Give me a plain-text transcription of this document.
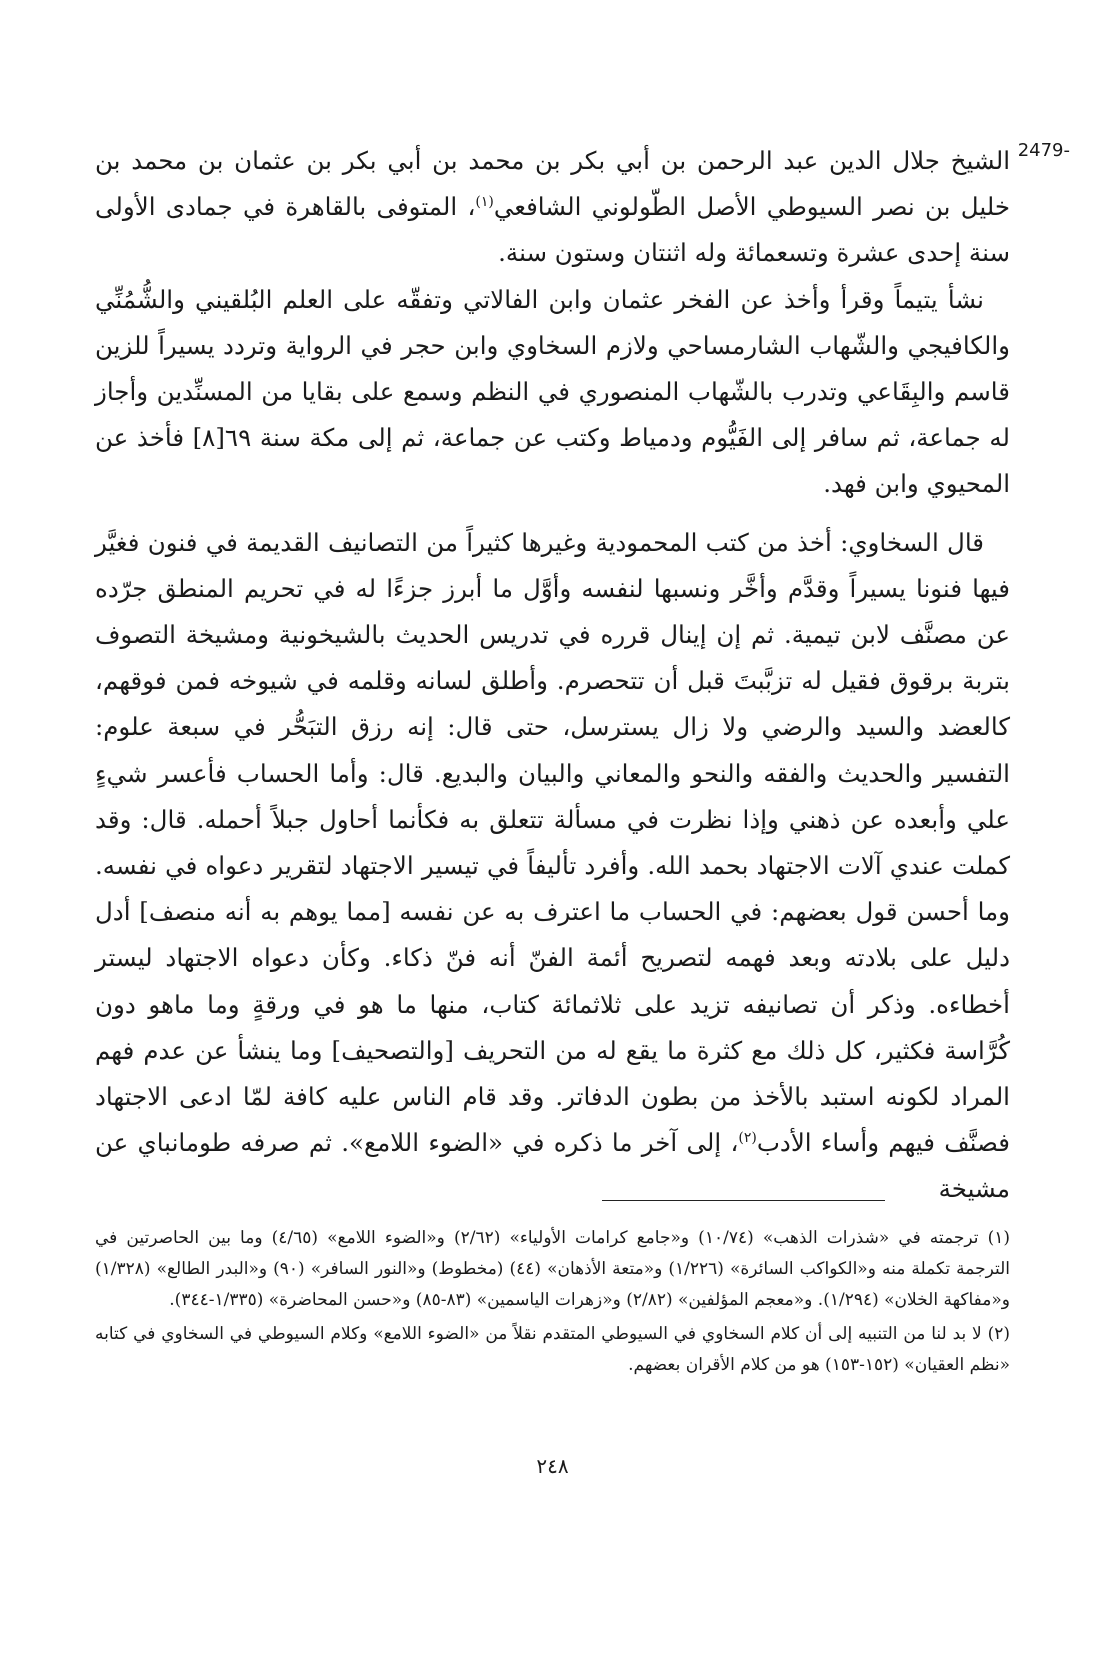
2479-

الشيخ جلال الدين عبد الرحمن بن أبي بكر بن محمد بن أبي بكر بن عثمان بن محمد بن خليل بن نصر السيوطي الأصل الطّولوني الشافعي$^{(١)}$، المتوفى بالقاهرة في جمادى الأولى سنة إحدى عشرة وتسعمائة وله اثنتان وستون سنة.

نشأ يتيماً وقرأ وأخذ عن الفخر عثمان وابن الفالاتي وتفقّه على العلم البُلقيني والشُّمُنِّي والكافيجي والشّهاب الشارمساحي ولازم السخاوي وابن حجر في الرواية وتردد يسيراً للزين قاسم والبِقَاعي وتدرب بالشّهاب المنصوري في النظم وسمع على بقايا من المسنِّدين وأجاز له جماعة، ثم سافر إلى الفَيُّوم ودمياط وكتب عن جماعة، ثم إلى مكة سنة ٦٩[٨] فأخذ عن المحيوي وابن فهد.

قال السخاوي: أخذ من كتب المحمودية وغيرها كثيراً من التصانيف القديمة في فنون فغيَّر فيها فنونا يسيراً وقدَّم وأخَّر ونسبها لنفسه وأوَّل ما أبرز جزءًا له في تحريم المنطق جرّده عن مصنَّف لابن تيمية. ثم إن إينال قرره في تدريس الحديث بالشيخونية ومشيخة التصوف بتربة برقوق فقيل له تزبَّبتَ قبل أن تتحصرم. وأطلق لسانه وقلمه في شيوخه فمن فوقهم، كالعضد والسيد والرضي ولا زال يسترسل، حتى قال: إنه رزق التبَحُّر في سبعة علوم: التفسير والحديث والفقه والنحو والمعاني والبيان والبديع. قال: وأما الحساب فأعسر شيءٍ علي وأبعده عن ذهني وإذا نظرت في مسألة تتعلق به فكأنما أحاول جبلاً أحمله. قال: وقد كملت عندي آلات الاجتهاد بحمد الله. وأفرد تأليفاً في تيسير الاجتهاد لتقرير دعواه في نفسه. وما أحسن قول بعضهم: في الحساب ما اعترف به عن نفسه [مما يوهم به أنه منصف] أدل دليل على بلادته وبعد فهمه لتصريح أئمة الفنّ أنه فنّ ذكاء. وكأن دعواه الاجتهاد ليستر أخطاءه. وذكر أن تصانيفه تزيد على ثلاثمائة كتاب، منها ما هو في ورقةٍ وما ماهو دون كُرَّاسة فكثير، كل ذلك مع كثرة ما يقع له من التحريف [والتصحيف] وما ينشأ عن عدم فهم المراد لكونه استبد بالأخذ من بطون الدفاتر. وقد قام الناس عليه كافة لمّا ادعى الاجتهاد فصنَّف فيهم وأساء الأدب$^{(٢)}$، إلى آخر ما ذكره في «الضوء اللامع». ثم صرفه طومانباي عن مشيخة

(١) ترجمته في «شذرات الذهب» (١٠/٧٤) و«جامع كرامات الأولياء» (٢/٦٢) و«الضوء اللامع» (٤/٦٥) وما بين الحاصرتين في الترجمة تكملة منه و«الكواكب السائرة» (١/٢٢٦) و«متعة الأذهان» (٤٤) (مخطوط) و«النور السافر» (٩٠) و«البدر الطالع» (١/٣٢٨) و«مفاكهة الخلان» (١/٢٩٤). و«معجم المؤلفين» (٢/٨٢) و«زهرات الياسمين» (٨٣-٨٥) و«حسن المحاضرة» (١/٣٣٥-٣٤٤).

(٢) لا بد لنا من التنبيه إلى أن كلام السخاوي في السيوطي المتقدم نقلاً من «الضوء اللامع» وكلام السيوطي في السخاوي في كتابه «نظم العقيان» (١٥٢-١٥٣) هو من كلام الأقران بعضهم.

٢٤٨
